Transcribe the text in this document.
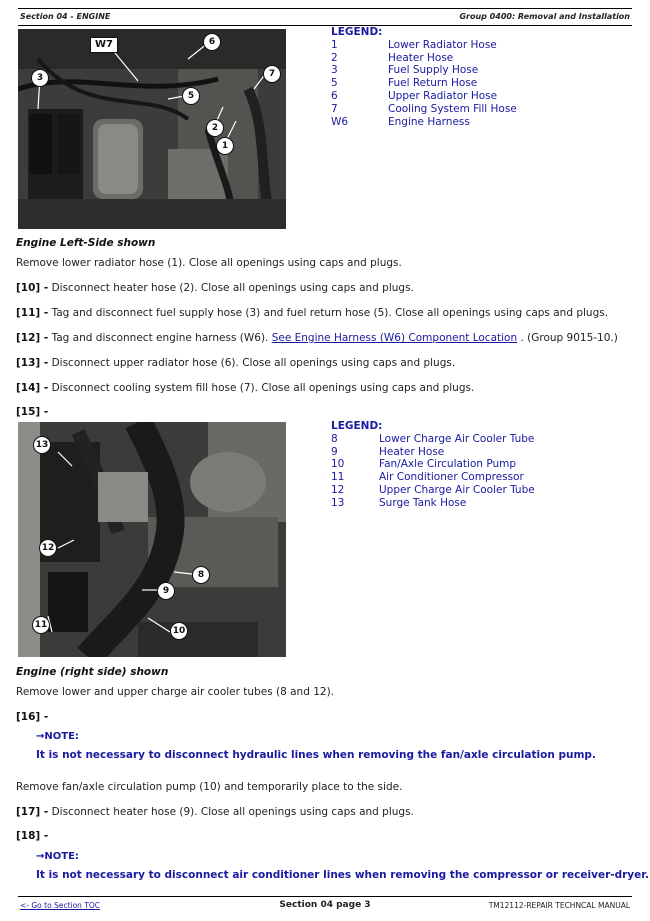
Section 04 - ENGINE	Group 0400: Removal and Installation
W7	6
3	7
5
2
1
LEGEND:
1	Lower Radiator Hose
2	Heater Hose
3	Fuel Supply Hose
5	Fuel Return Hose
6	Upper Radiator Hose
7	Cooling System Fill Hose
W6	Engine Harness
Engine Left-Side shown
Remove lower radiator hose (1). Close all openings using caps and plugs.
[10] - Disconnect heater hose (2). Close all openings using caps and plugs.
[11] - Tag and disconnect fuel supply hose (3) and fuel return hose (5). Close all openings using caps and plugs.
[12] - Tag and disconnect engine harness (W6). See Engine Harness (W6) Component Location . (Group 9015-10.)
[13] - Disconnect upper radiator hose (6). Close all openings using caps and plugs.
[14] - Disconnect cooling system fill hose (7). Close all openings using caps and plugs.
[15] -
13
12
8
9
11
10
LEGEND:
8	Lower Charge Air Cooler Tube
9	Heater Hose
10	Fan/Axle Circulation Pump
11	Air Conditioner Compressor
12	Upper Charge Air Cooler Tube
13	Surge Tank Hose
Engine (right side) shown
Remove lower and upper charge air cooler tubes (8 and 12).
[16] -
→NOTE:
It is not necessary to disconnect hydraulic lines when removing the fan/axle circulation pump.
Remove fan/axle circulation pump (10) and temporarily place to the side.
[17] - Disconnect heater hose (9). Close all openings using caps and plugs.
[18] -
→NOTE:
It is not necessary to disconnect air conditioner lines when removing the compressor or receiver-dryer.
<- Go to Section TOC	Section 04 page 3	TM12112-REPAIR TECHNCAL MANUAL
